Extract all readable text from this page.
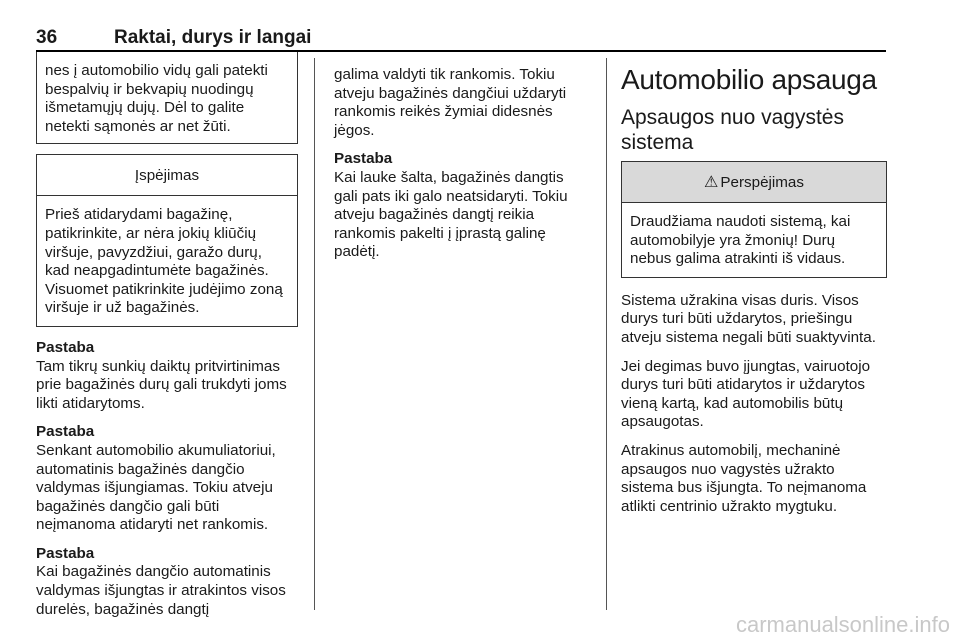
36	Raktai, durys ir langai

nes į automobilio vidų gali patekti bespalvių ir bekvapių nuodingų išmetamųjų dujų. Dėl to galite netekti sąmonės ar net žūti.

Įspėjimas

Prieš atidarydami bagažinę, patikrinkite, ar nėra jokių kliūčių viršuje, pavyzdžiui, garažo durų, kad neapgadintumėte bagažinės. Visuomet patikrinkite judėjimo zoną viršuje ir už bagažinės.

Pastaba

Tam tikrų sunkių daiktų pritvirtinimas prie bagažinės durų gali trukdyti joms likti atidarytoms.

Pastaba

Senkant automobilio akumuliatoriui, automatinis bagažinės dangčio valdymas išjungiamas. Tokiu atveju bagažinės dangčio gali būti neįmanoma atidaryti net rankomis.

Pastaba

Kai bagažinės dangčio automatinis valdymas išjungtas ir atrakintos visos durelės, bagažinės dangtį

galima valdyti tik rankomis. Tokiu atveju bagažinės dangčiui uždaryti rankomis reikės žymiai didesnės jėgos.

Pastaba

Kai lauke šalta, bagažinės dangtis gali pats iki galo neatsidaryti. Tokiu atveju bagažinės dangtį reikia rankomis pakelti į įprastą galinę padėtį.

Automobilio apsauga
Apsaugos nuo vagystės sistema
⚠ Perspėjimas

Draudžiama naudoti sistemą, kai automobilyje yra žmonių! Durų nebus galima atrakinti iš vidaus.

Sistema užrakina visas duris. Visos durys turi būti uždarytos, priešingu atveju sistema negali būti suaktyvinta.

Jei degimas buvo įjungtas, vairuotojo durys turi būti atidarytos ir uždarytos vieną kartą, kad automobilis būtų apsaugotas.

Atrakinus automobilį, mechaninė apsaugos nuo vagystės užrakto sistema bus išjungta. To neįmanoma atlikti centrinio užrakto mygtuku.

carmanualsonline.info
